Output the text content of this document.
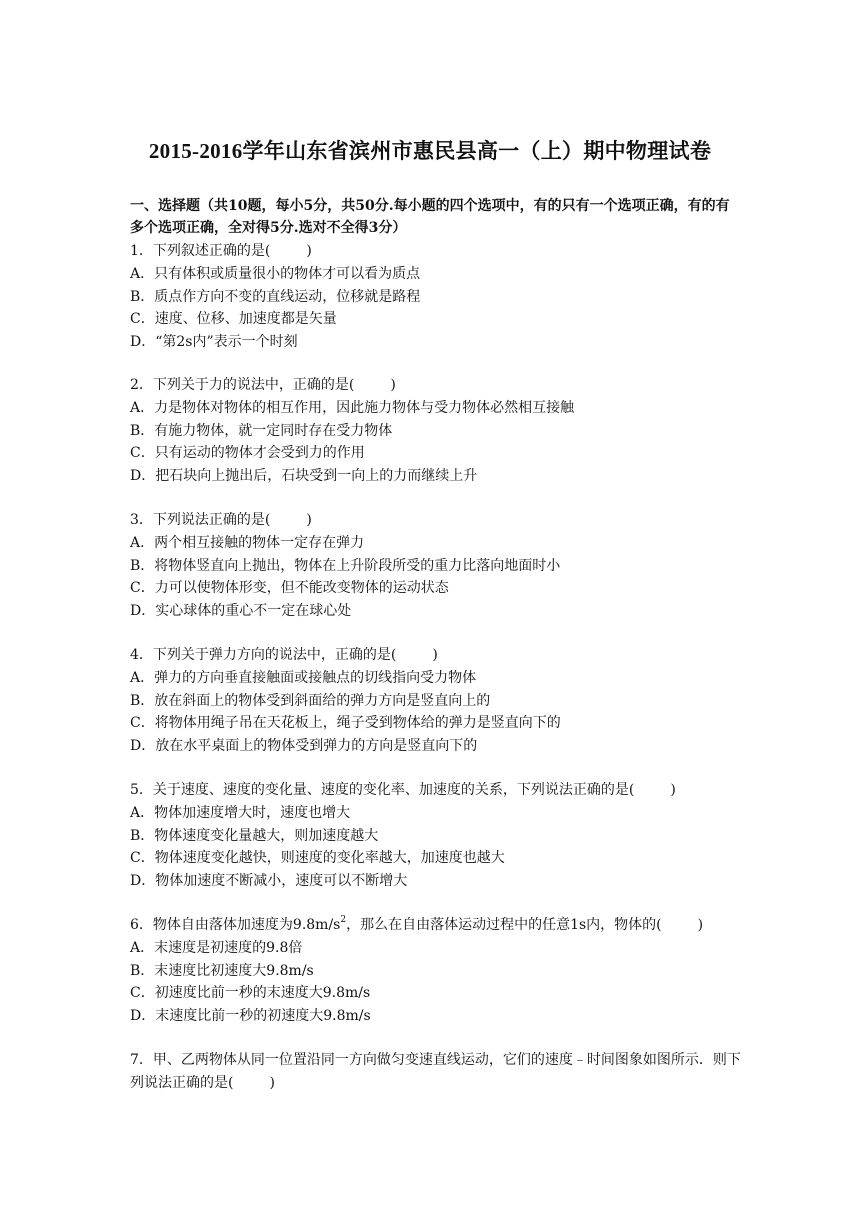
2015-2016学年山东省滨州市惠民县高一（上）期中物理试卷
一、选择题（共10题，每小5分，共50分.每小题的四个选项中，有的只有一个选项正确，有的有多个选项正确，全对得5分.选对不全得3分）
1．下列叙述正确的是(	)
A．只有体积或质量很小的物体才可以看为质点
B．质点作方向不变的直线运动，位移就是路程
C．速度、位移、加速度都是矢量
D．“第2s内”表示一个时刻
2．下列关于力的说法中，正确的是(	)
A．力是物体对物体的相互作用，因此施力物体与受力物体必然相互接触
B．有施力物体，就一定同时存在受力物体
C．只有运动的物体才会受到力的作用
D．把石块向上抛出后，石块受到一向上的力而继续上升
3．下列说法正确的是(	)
A．两个相互接触的物体一定存在弹力
B．将物体竖直向上抛出，物体在上升阶段所受的重力比落向地面时小
C．力可以使物体形变，但不能改变物体的运动状态
D．实心球体的重心不一定在球心处
4．下列关于弹力方向的说法中，正确的是(	)
A．弹力的方向垂直接触面或接触点的切线指向受力物体
B．放在斜面上的物体受到斜面给的弹力方向是竖直向上的
C．将物体用绳子吊在天花板上，绳子受到物体给的弹力是竖直向下的
D．放在水平桌面上的物体受到弹力的方向是竖直向下的
5．关于速度、速度的变化量、速度的变化率、加速度的关系，下列说法正确的是(	)
A．物体加速度增大时，速度也增大
B．物体速度变化量越大，则加速度越大
C．物体速度变化越快，则速度的变化率越大，加速度也越大
D．物体加速度不断减小，速度可以不断增大
6．物体自由落体加速度为$9.8m/s^2$，那么在自由落体运动过程中的任意1s内，物体的(	)
A．末速度是初速度的9.8倍
B．末速度比初速度大9.8m/s
C．初速度比前一秒的末速度大9.8m/s
D．末速度比前一秒的初速度大9.8m/s
7．甲、乙两物体从同一位置沿同一方向做匀变速直线运动，它们的速度﹣时间图象如图所示．则下列说法正确的是(	)
